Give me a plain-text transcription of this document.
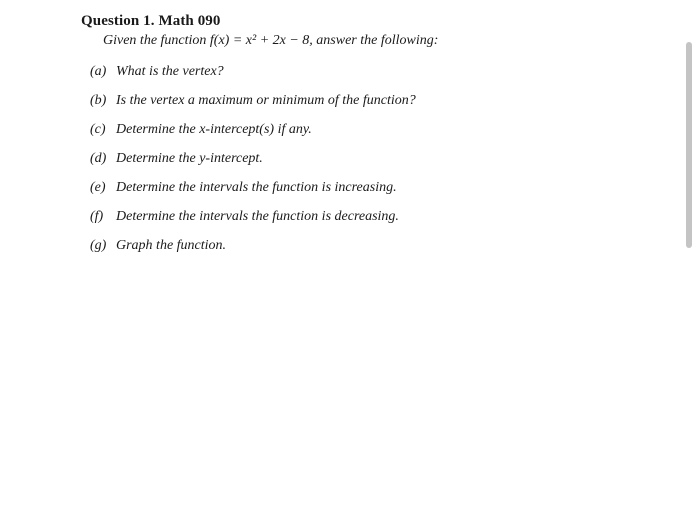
Question 1. Math 090
Given the function f(x) = x² + 2x − 8, answer the following:
(a) What is the vertex?
(b) Is the vertex a maximum or minimum of the function?
(c) Determine the x-intercept(s) if any.
(d) Determine the y-intercept.
(e) Determine the intervals the function is increasing.
(f) Determine the intervals the function is decreasing.
(g) Graph the function.
